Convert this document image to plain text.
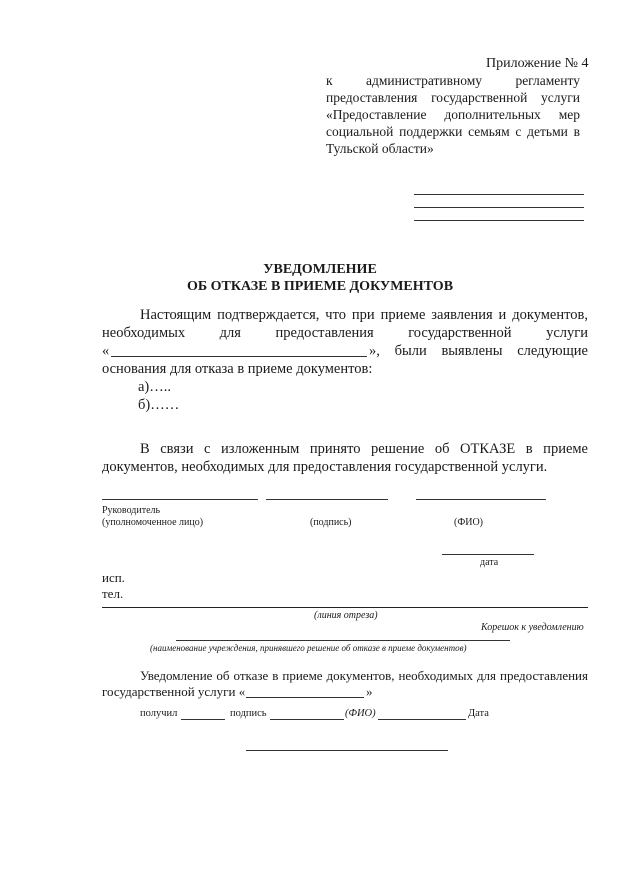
Приложение № 4
к административному регламенту
предоставления государственной услуги
«Предоставление дополнительных мер
социальной поддержки семьям с детьми в
Тульской области»
УВЕДОМЛЕНИЕ
ОБ ОТКАЗЕ В ПРИЕМЕ ДОКУМЕНТОВ
Настоящим подтверждается, что при приеме заявления и документов,
необходимых для предоставления государственной услуги
«	», были выявлены следующие
основания для отказа в приеме документов:
а)…..
б)……
В связи с изложенным принято решение об ОТКАЗЕ в приеме
документов, необходимых для предоставления государственной услуги.
Руководитель
(уполномоченное лицо)	(подпись)	(ФИО)
дата
исп.
тел.
(линия отреза)
Корешок к уведомлению
(наименование учреждения, принявшего решение об отказе в приеме документов)
Уведомление об отказе в приеме документов, необходимых для предоставления
государственной услуги «	»
получил	подпись	(ФИО)	Дата
